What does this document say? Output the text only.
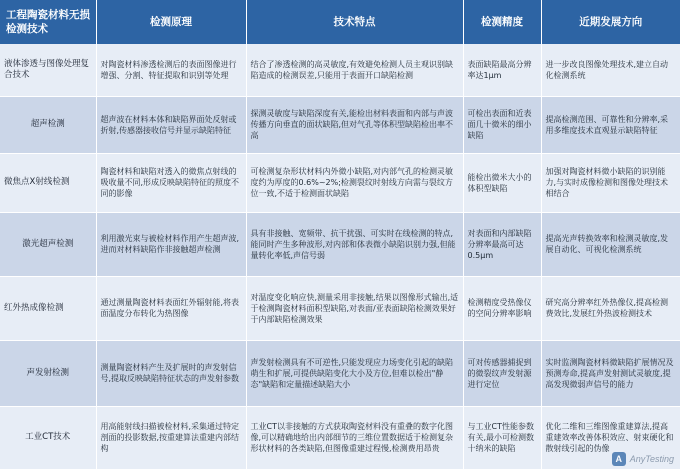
工程陶瓷材料无损检测技术	检测原理	技术特点	检测精度	近期发展方向
液体渗透与图像处理复合技术	对陶瓷材料渗透检测后的表面图像进行增强、分割、特征提取和识别等处理	结合了渗透检测的高灵敏度,有效避免检测人员主观识别缺陷造成的检测误差,只能用于表面开口缺陷检测	表面缺陷最高分辨率达1μm	进一步改良图像处理技术,建立自动化检测系统
超声检测	超声波在材料本体和缺陷界面处反射或折射,传感器接收信号并显示缺陷特征	探测灵敏度与缺陷深度有关,能检出材料表面和内部与声波传播方向垂直的面状缺陷,但对气孔等体积型缺陷检出率不高	可检出表面和近表面几十微米的细小缺陷	提高检测范围、可靠性和分辨率,采用多维度技术直观显示缺陷特征
微焦点X射线检测	陶瓷材料和缺陷对透入的微焦点射线的吸收量不同,形成反映缺陷特征的照度不同的影像	可检测复杂形状材料内外微小缺陷,对内部气孔的检测灵敏度约为厚度的0.6%~2%;检测裂纹时射线方向需与裂纹方位一致,不适于检测面状缺陷	能检出微米大小的体积型缺陷	加强对陶瓷材料微小缺陷的识别能力,与实时成像检测和图像处理技术相结合
激光超声检测	利用激光束与被检材料作用产生超声波,进而对材料缺陷作非接触超声检测	具有非接触、宽频带、抗干扰强、可实时在线检测的特点,能同时产生多种波形,对内部和体表微小缺陷识别力强,但能量转化率低,声信号弱	对表面和内部缺陷分辨率最高可达0.5μm	提高光声转换效率和检测灵敏度,发展自动化、可视化检测系统
红外热成像检测	通过测量陶瓷材料表面红外辐射能,将表面温度分布转化为热图像	对温度变化响应快,测量采用非接触,结果以图像形式输出,适于检测陶瓷材料面积型缺陷,对表面/亚表面缺陷检测效果好于内部缺陷检测效果	检测精度受热像仪的空间分辨率影响	研究高分辨率红外热像仪,提高检测费效比,发展红外热波检测技术
声发射检测	测量陶瓷材料产生及扩展时的声发射信号,提取反映缺陷特征状态的声发射参数	声发射检测具有不可逆性,只能发现应力场变化引起的缺陷萌生和扩展,可提供缺陷变化大小及方位,但难以检出"静态"缺陷和定量描述缺陷大小	可对传感器捕捉到的微裂纹声发射源进行定位	实时监测陶瓷材料微缺陷扩展情况及预测寿命,提高声发射测试灵敏度,提高发现微弱声信号的能力
工业CT技术	用高能射线扫描被检材料,采集通过特定剖面的投影数据,按重建算法重建内部结构	工业CT以非接触的方式获取陶瓷材料没有重叠的数字化图像,可以精确地给出内部细节的三维位置数据适于检测复杂形状材料的各类缺陷,但图像重建过程慢,检测费用昂贵	与工业CT性能参数有关,最小可检测数十纳米的缺陷	优化二维和三维图像重建算法,提高重建效率改善体积效应、射束硬化和散射线引起的伪像
A AnyTesting
